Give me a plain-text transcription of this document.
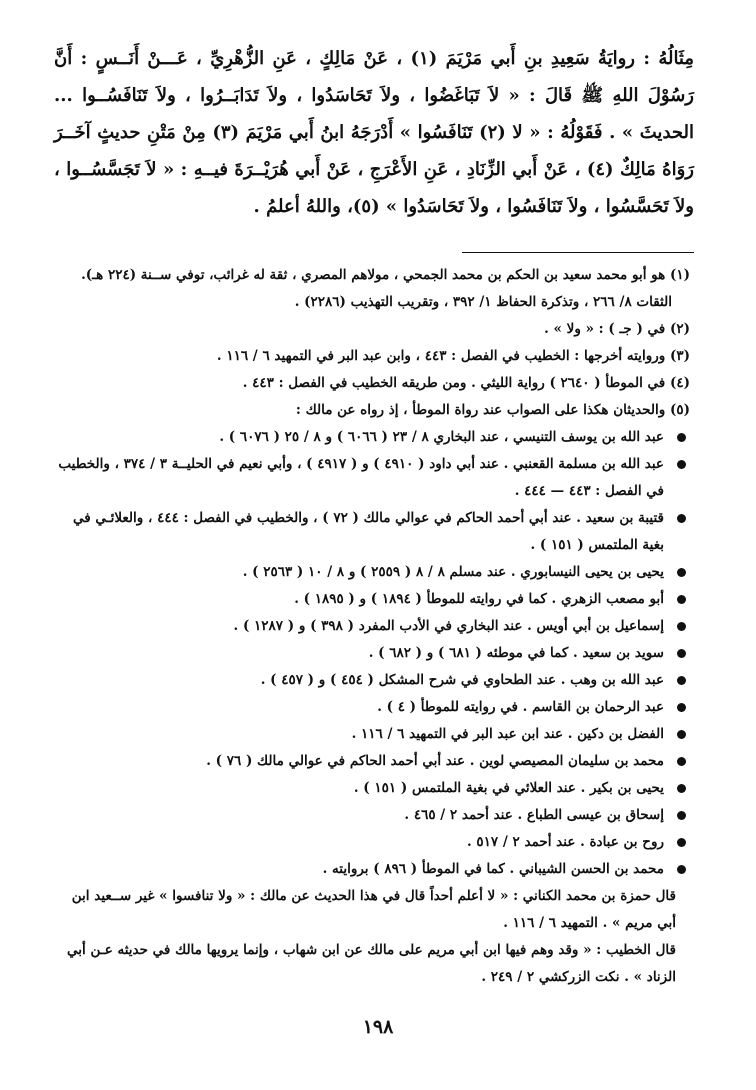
مِثَالُهُ : روايَةُ سَعِيدِ بنِ أَبي مَرْيَمَ (١) ، عَنْ مَالِكٍ ، عَنِ الزُّهْرِيِّ ، عَـــنْ أَنَــسٍ : أَنَّ رَسُوْلَ اللهِ ﷺ قَالَ : « لاَ تَبَاغَضُوا ، ولاَ تَحَاسَدُوا ، ولاَ تَدَابَــرُوا ، ولاَ تَنَافَسُــوا ... الحديثَ » . فَقَوْلُهُ : « لا (٢) تَنَافَسُوا » أَدْرَجَهُ ابنُ أَبي مَرْيَمَ (٣) مِنْ مَتْنِ حديثٍ آخَــرَ رَوَاهُ مَالِكٌ (٤) ، عَنْ أَبي الزِّنَادِ ، عَنِ الأَعْرَجِ ، عَنْ أَبي هُرَيْــرَةَ فيــهِ : « لاَ تَجَسَّسُــوا ، ولاَ تَحَسَّسُوا ، ولاَ تَنَافَسُوا ، ولاَ تَحَاسَدُوا » (٥)، واللهُ أعلمُ .

(١) هو أبو محمد سعيد بن الحكم بن محمد الجمحي ، مولاهم المصري ، ثقة له غرائب، توفي ســنة (٢٢٤ هـ).
الثقات ٨/ ٢٦٦ ، وتذكرة الحفاظ ١/ ٣٩٢ ، وتقريب التهذيب (٢٢٨٦) .

(٢) في ( جـ ) : « ولا » .

(٣) وروايته أخرجها : الخطيب في الفصل : ٤٤٣ ، وابن عبد البر في التمهيد ٦ / ١١٦ .

(٤) في الموطأ ( ٢٦٤٠ ) رواية الليثي . ومن طريقه الخطيب في الفصل : ٤٤٣ .

(٥) والحديثان هكذا على الصواب عند رواة الموطأ ، إذ رواه عن مالك :

عبد الله بن يوسف التنيسي ، عند البخاري ٨ / ٢٣ ( ٦٠٦٦ ) و ٨ / ٢٥ ( ٦٠٧٦ ) .
عبد الله بن مسلمة القعنبي . عند أبي داود ( ٤٩١٠ ) و ( ٤٩١٧ ) ، وأبي نعيم في الحليــة ٣ / ٣٧٤ ، والخطيب في الفصل : ٤٤٣ — ٤٤٤ .
قتيبة بن سعيد . عند أبي أحمد الحاكم في عوالي مالك ( ٧٢ ) ، والخطيب في الفصل : ٤٤٤ ، والعلائـي في بغية الملتمس ( ١٥١ ) .
يحيى بن يحيى النيسابوري . عند مسلم ٨ / ٨ ( ٢٥٥٩ ) و ٨ / ١٠ ( ٢٥٦٣ ) .
أبو مصعب الزهري . كما في روايته للموطأ ( ١٨٩٤ ) و ( ١٨٩٥ ) .
إسماعيل بن أبي أويس . عند البخاري في الأدب المفرد ( ٣٩٨ ) و ( ١٢٨٧ ) .
سويد بن سعيد . كما في موطئه ( ٦٨١ ) و ( ٦٨٢ ) .
عبد الله بن وهب . عند الطحاوي في شرح المشكل ( ٤٥٤ ) و ( ٤٥٧ ) .
عبد الرحمان بن القاسم . في روايته للموطأ ( ٤ ) .
الفضل بن دكين . عند ابن عبد البر في التمهيد ٦ / ١١٦ .
محمد بن سليمان المصيصي لوين . عند أبي أحمد الحاكم في عوالي مالك ( ٧٦ ) .
يحيى بن بكير . عند العلائي في بغية الملتمس ( ١٥١ ) .
إسحاق بن عيسى الطباع . عند أحمد ٢ / ٤٦٥ .
روح بن عبادة . عند أحمد ٢ / ٥١٧ .
محمد بن الحسن الشيباني . كما في الموطأ ( ٨٩٦ ) بروايته .

قال حمزة بن محمد الكناني : « لا أعلم أحداً قال في هذا الحديث عن مالك : « ولا تنافسوا » غير ســعيد ابن أبي مريم » . التمهيد ٦ / ١١٦ .

قال الخطيب : « وقد وهم فيها ابن أبي مريم على مالك عن ابن شهاب ، وإنما يرويها مالك في حديثه عـن أبي الزناد » . نكت الزركشي ٢ / ٢٤٩ .

١٩٨
